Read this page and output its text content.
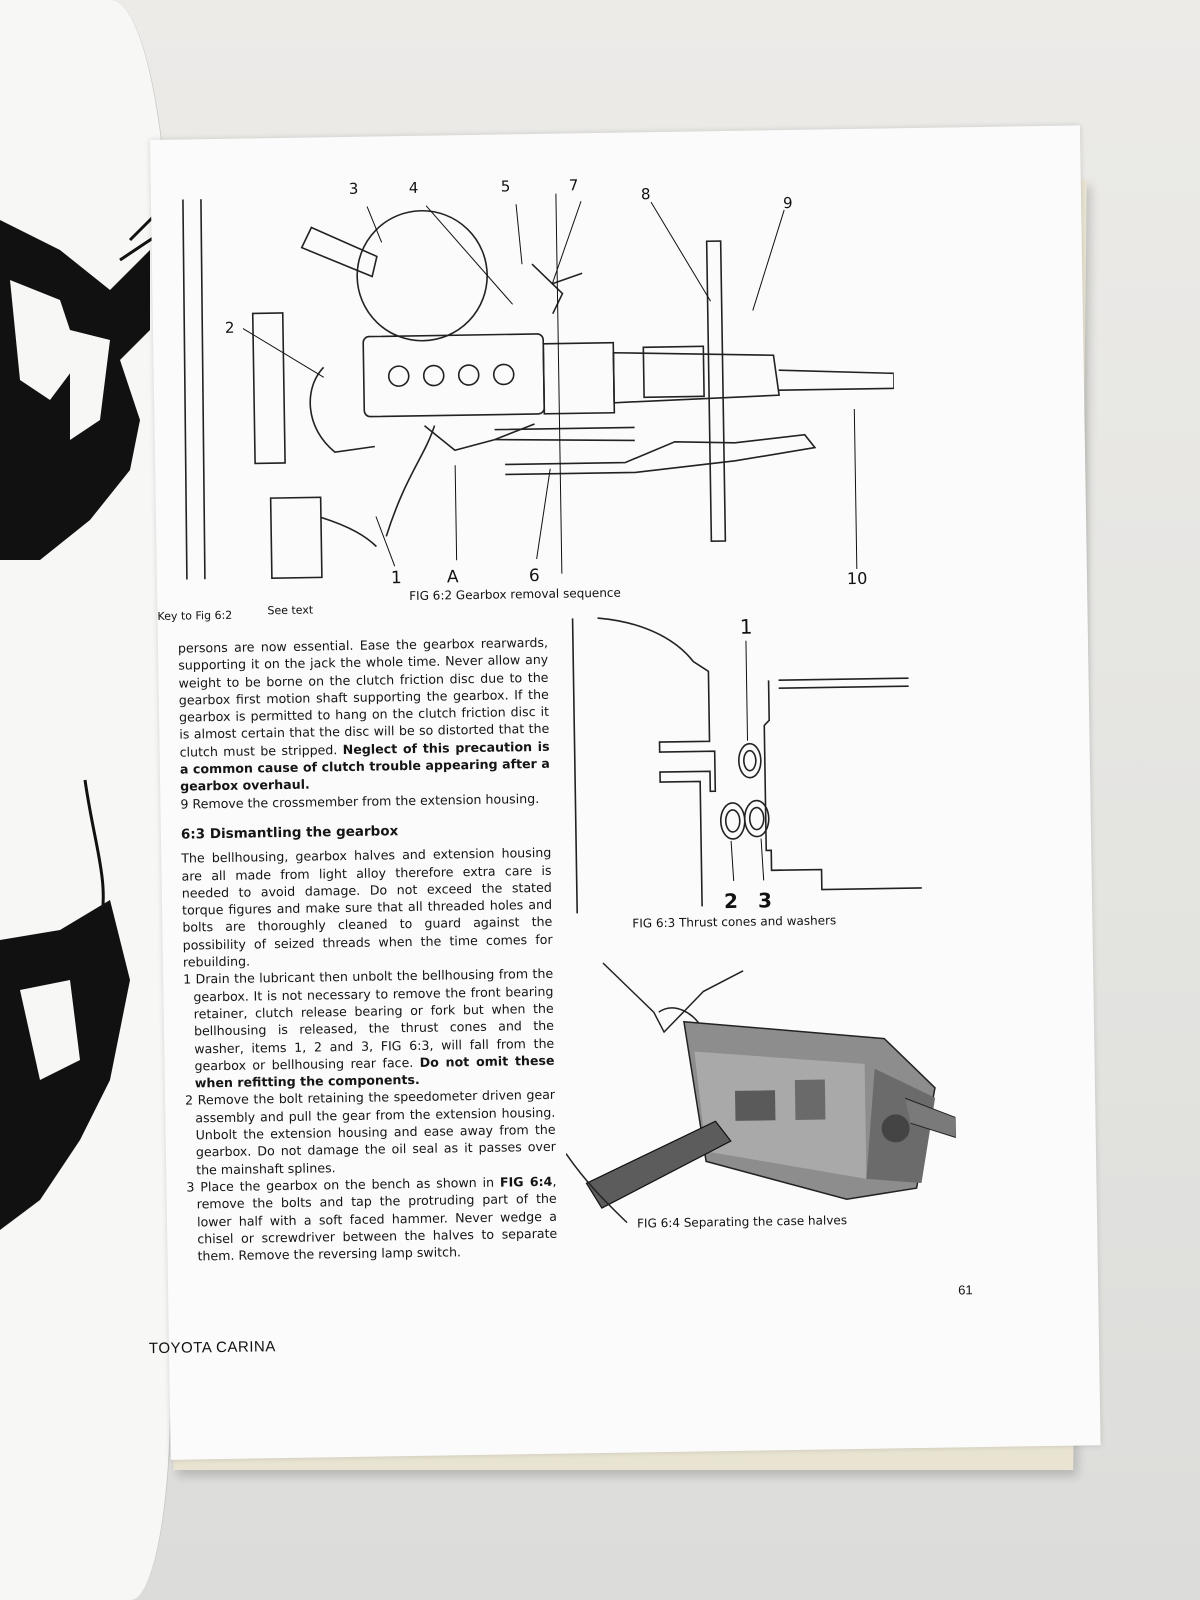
3	4	5	7	8	9
2
1	A	6	10
FIG 6:2 Gearbox removal sequence
Key to Fig 6:2	See text

persons are now essential. Ease the gearbox rearwards, supporting it on the jack the whole time. Never allow any weight to be borne on the clutch friction disc due to the gearbox first motion shaft supporting the gearbox. If the gearbox is permitted to hang on the clutch friction disc it is almost certain that the disc will be so distorted that the clutch must be stripped. Neglect of this precaution is a common cause of clutch trouble appearing after a gearbox overhaul.

9 Remove the crossmember from the extension housing.

6:3 Dismantling the gearbox

The bellhousing, gearbox halves and extension housing are all made from light alloy therefore extra care is needed to avoid damage. Do not exceed the stated torque figures and make sure that all threaded holes and bolts are thoroughly cleaned to guard against the possibility of seized threads when the time comes for rebuilding.

1 Drain the lubricant then unbolt the bellhousing from the gearbox. It is not necessary to remove the front bearing retainer, clutch release bearing or fork but when the bellhousing is released, the thrust cones and the washer, items 1, 2 and 3, FIG 6:3, will fall from the gearbox or bellhousing rear face. Do not omit these when refitting the components.

2 Remove the bolt retaining the speedometer driven gear assembly and pull the gear from the extension housing. Unbolt the extension housing and ease away from the gearbox. Do not damage the oil seal as it passes over the mainshaft splines.

3 Place the gearbox on the bench as shown in FIG 6:4, remove the bolts and tap the protruding part of the lower half with a soft faced hammer. Never wedge a chisel or screwdriver between the halves to separate them. Remove the reversing lamp switch.

1
2 3
FIG 6:3 Thrust cones and washers
FIG 6:4 Separating the case halves
61
TOYOTA CARINA
